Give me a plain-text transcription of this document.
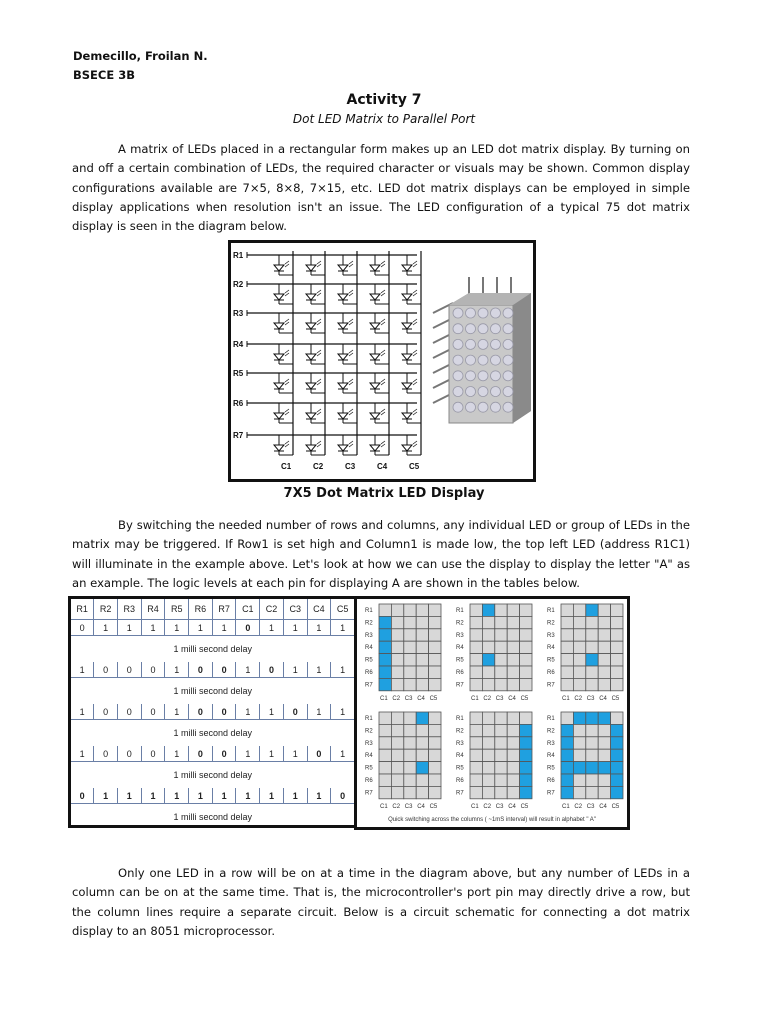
Demecillo, Froilan N.
BSECE 3B
Activity 7
Dot LED Matrix to Parallel Port
A matrix of LEDs placed in a rectangular form makes up an LED dot matrix display. By turning on and off a certain combination of LEDs, the required character or visuals may be shown. Common display configurations available are 7×5, 8×8, 7×15, etc. LED dot matrix displays can be employed in simple display applications when resolution isn't an issue. The LED configuration of a typical 75 dot matrix display is seen in the diagram below.
R1
R2
R3
R4
R5
R6
R7
C1	C2	C3	C4	C5
7X5 Dot Matrix LED Display
By switching the needed number of rows and columns, any individual LED or group of LEDs in the matrix may be triggered. If Row1 is set high and Column1 is made low, the top left LED (address R1C1) will illuminate in the example above. Let's look at how we can use the display to display the letter "A" as an example. The logic levels at each pin for displaying A are shown in the tables below.
R1	R2	R3	R4	R5	R6	R7	C1	C2	C3	C4	C5
0	1	1	1	1	1	1	0	1	1	1	1
1 milli second delay											
1	0	0	0	1	0	0	1	0	1	1	1
1 milli second delay											
1	0	0	0	1	0	0	1	1	0	1	1
1 milli second delay											
1	0	0	0	1	0	0	1	1	1	0	1
1 milli second delay											
0	1	1	1	1	1	1	1	1	1	1	0
1 milli second delay											
R1
R2
R3
R4
R5
R6
R7
C1 C2 C3 C4 C5
R1
R2
R3
R4
R5
R6
R7
C1 C2 C3 C4 C5
R1
R2
R3
R4
R5
R6
R7
C1 C2 C3 C4 C5
R1
R2
R3
R4
R5
R6
R7
C1 C2 C3 C4 C5
R1
R2
R3
R4
R5
R6
R7
C1 C2 C3 C4 C5
R1
R2
R3
R4
R5
R6
R7
C1 C2 C3 C4 C5
Quick switching across the columns ( ~1mS interval) will result in alphabet " A"
Only one LED in a row will be on at a time in the diagram above, but any number of LEDs in a column can be on at the same time. That is, the microcontroller's port pin may directly drive a row, but the column lines require a separate circuit. Below is a circuit schematic for connecting a dot matrix display to an 8051 microprocessor.
